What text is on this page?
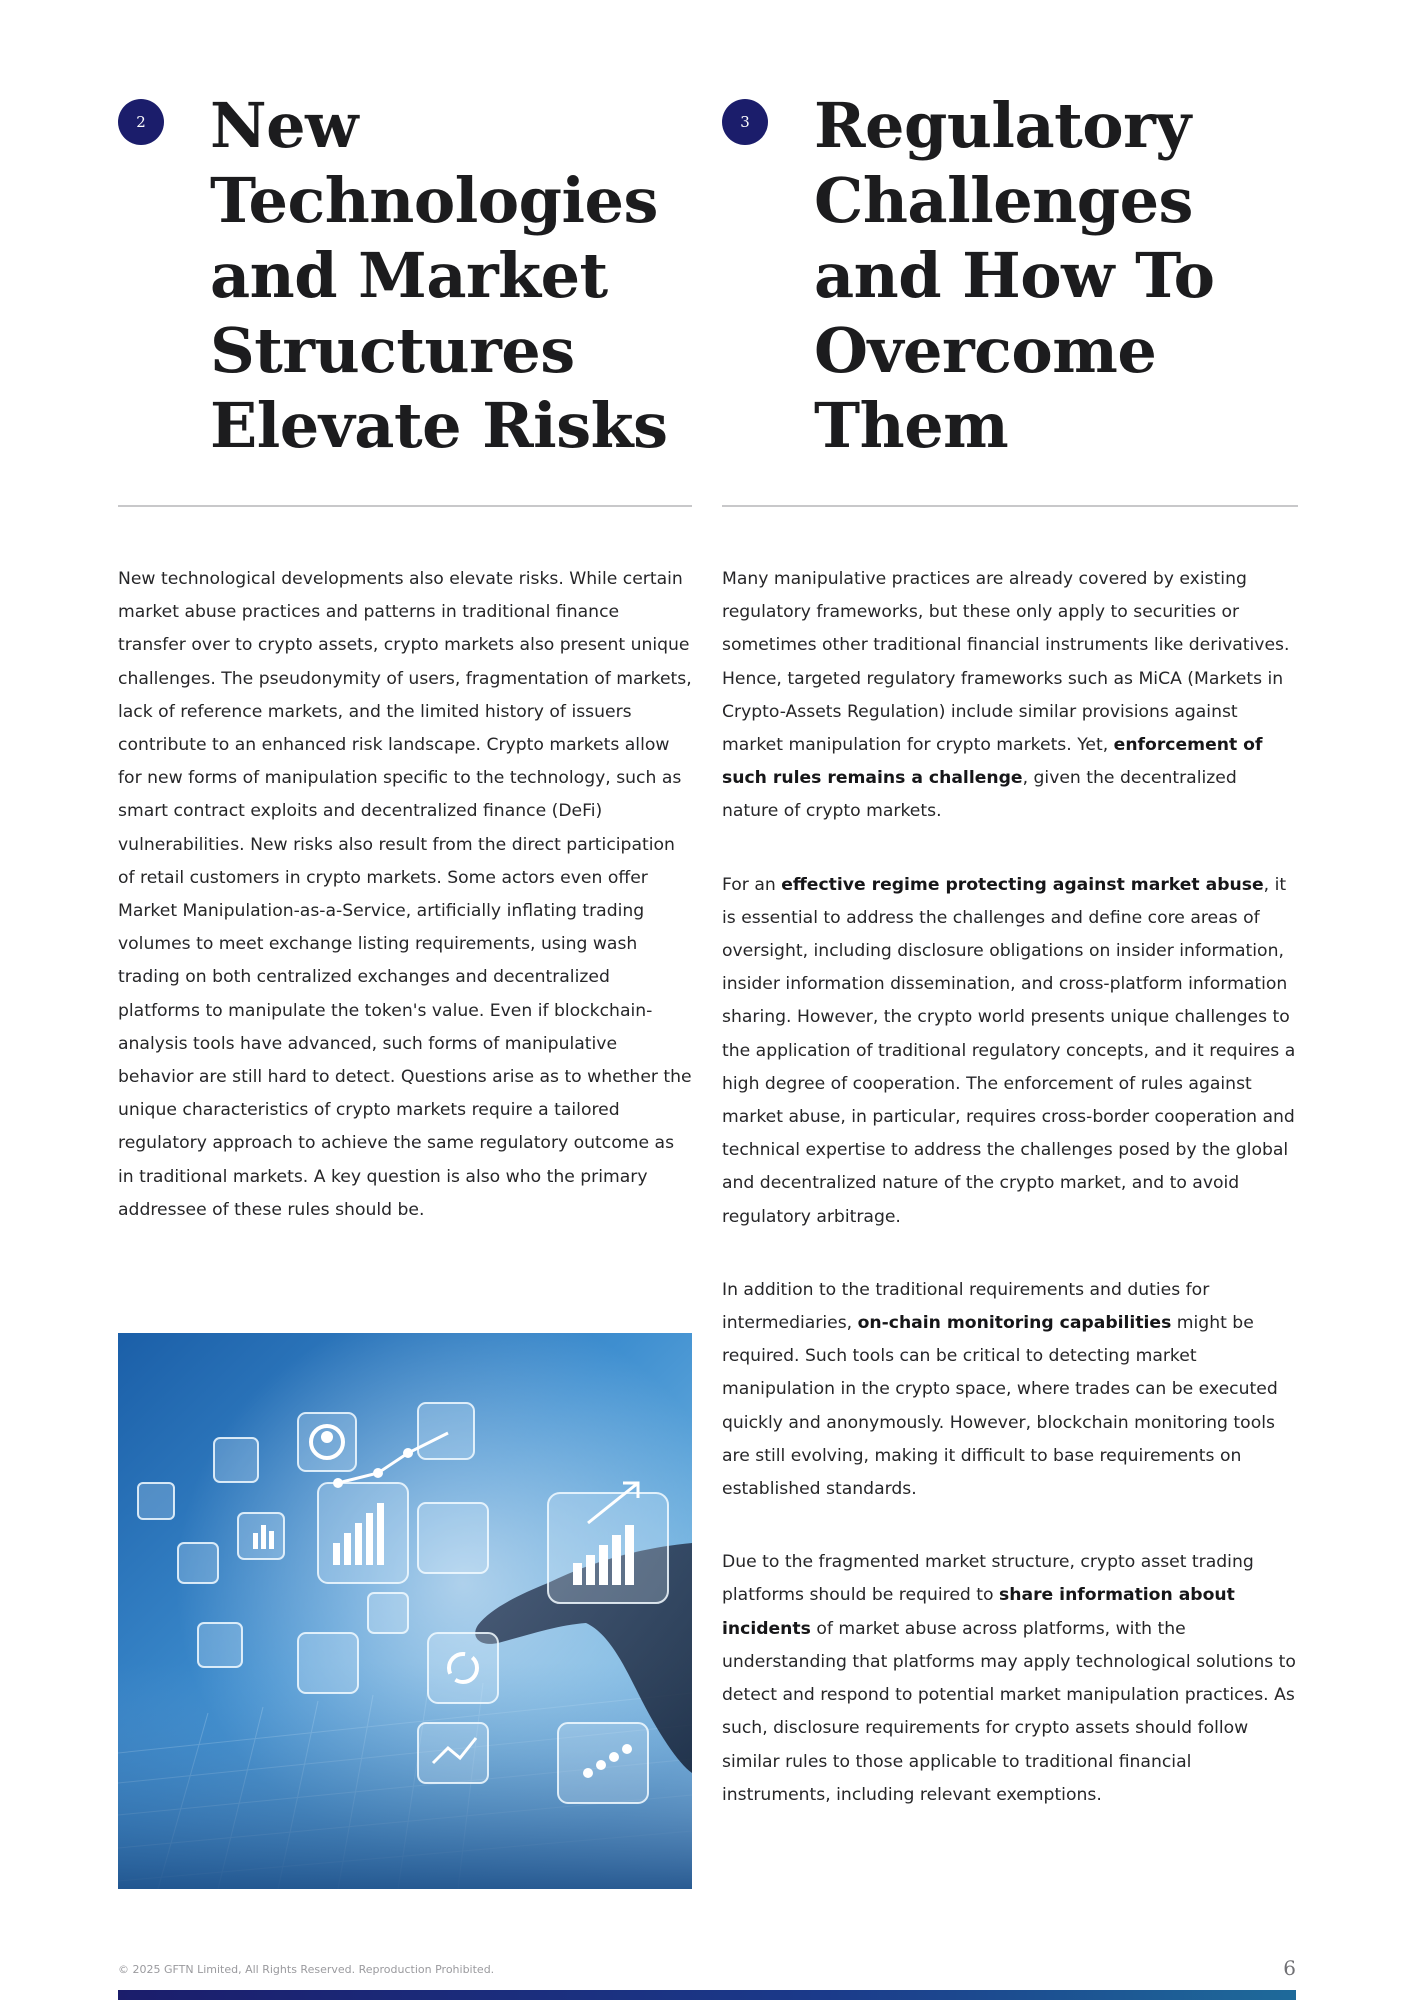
2 New Technologies and Market Structures Elevate Risks

New technological developments also elevate risks. While certain market abuse practices and patterns in traditional finance transfer over to crypto assets, crypto markets also present unique challenges. The pseudonymity of users, fragmentation of markets, lack of reference markets, and the limited history of issuers contribute to an enhanced risk landscape. Crypto markets allow for new forms of manipulation specific to the technology, such as smart contract exploits and decentralized finance (DeFi) vulnerabilities. New risks also result from the direct participation of retail customers in crypto markets. Some actors even offer Market Manipulation-as-a-Service, artificially inflating trading volumes to meet exchange listing requirements, using wash trading on both centralized exchanges and decentralized platforms to manipulate the token's value. Even if blockchain-analysis tools have advanced, such forms of manipulative behavior are still hard to detect. Questions arise as to whether the unique characteristics of crypto markets require a tailored regulatory approach to achieve the same regulatory outcome as in traditional markets. A key question is also who the primary addressee of these rules should be.

3 Regulatory Challenges and How To Overcome Them

Many manipulative practices are already covered by existing regulatory frameworks, but these only apply to securities or sometimes other traditional financial instruments like derivatives. Hence, targeted regulatory frameworks such as MiCA (Markets in Crypto-Assets Regulation) include similar provisions against market manipulation for crypto markets. Yet, enforcement of such rules remains a challenge, given the decentralized nature of crypto markets.

For an effective regime protecting against market abuse, it is essential to address the challenges and define core areas of oversight, including disclosure obligations on insider information, insider information dissemination, and cross-platform information sharing. However, the crypto world presents unique challenges to the application of traditional regulatory concepts, and it requires a high degree of cooperation. The enforcement of rules against market abuse, in particular, requires cross-border cooperation and technical expertise to address the challenges posed by the global and decentralized nature of the crypto market, and to avoid regulatory arbitrage.

In addition to the traditional requirements and duties for intermediaries, on-chain monitoring capabilities might be required. Such tools can be critical to detecting market manipulation in the crypto space, where trades can be executed quickly and anonymously. However, blockchain monitoring tools are still evolving, making it difficult to base requirements on established standards.

Due to the fragmented market structure, crypto asset trading platforms should be required to share information about incidents of market abuse across platforms, with the understanding that platforms may apply technological solutions to detect and respond to potential market manipulation practices. As such, disclosure requirements for crypto assets should follow similar rules to those applicable to traditional financial instruments, including relevant exemptions.

© 2025 GFTN Limited, All Rights Reserved. Reproduction Prohibited.	6
